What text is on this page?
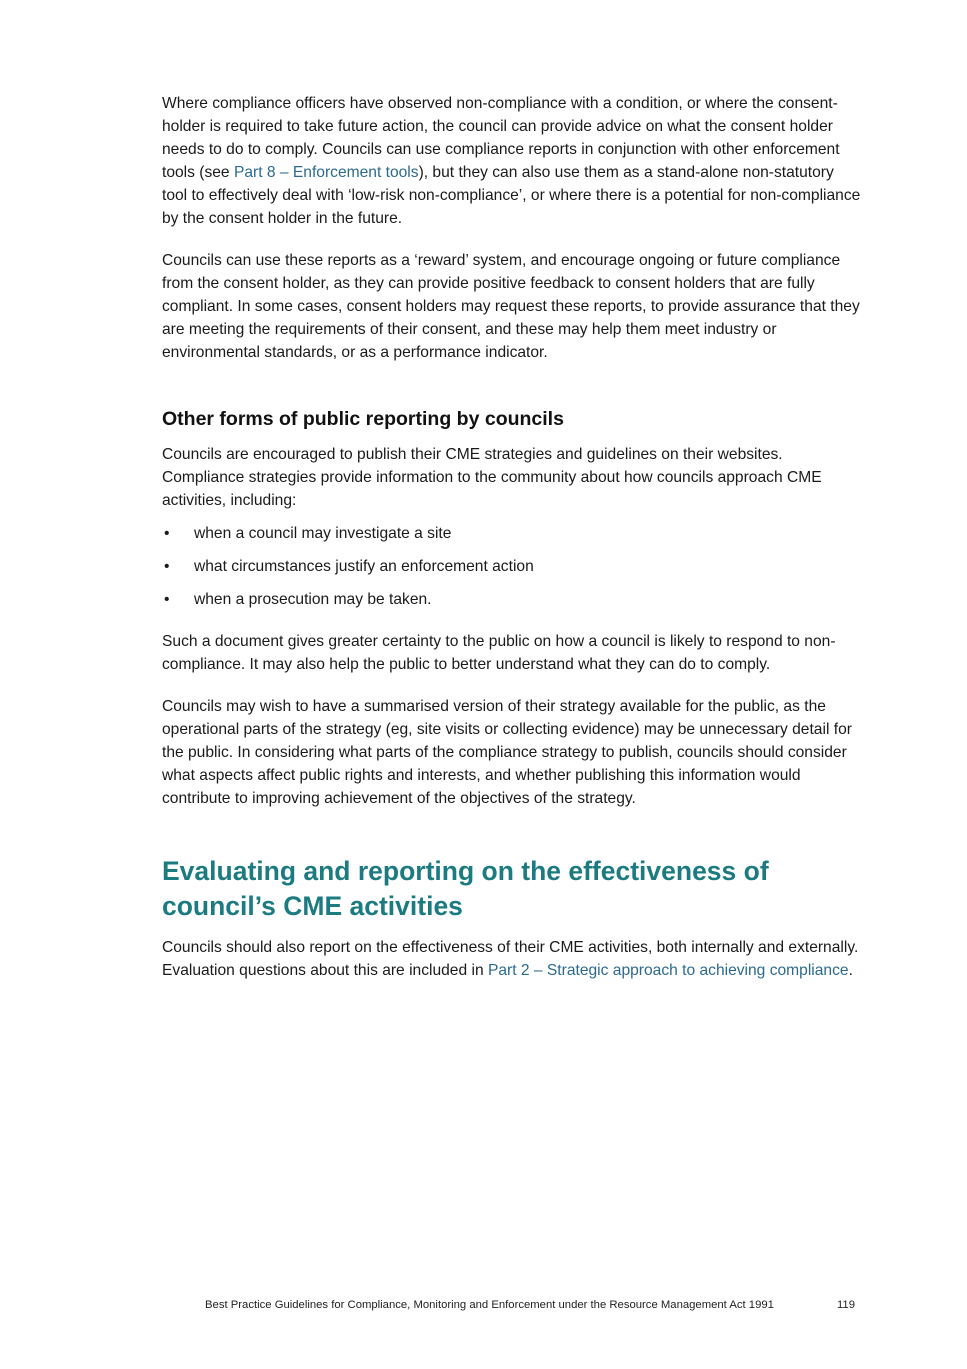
Where compliance officers have observed non-compliance with a condition, or where the consent-holder is required to take future action, the council can provide advice on what the consent holder needs to do to comply. Councils can use compliance reports in conjunction with other enforcement tools (see Part 8 – Enforcement tools), but they can also use them as a stand-alone non-statutory tool to effectively deal with ‘low-risk non-compliance’, or where there is a potential for non-compliance by the consent holder in the future.

Councils can use these reports as a ‘reward’ system, and encourage ongoing or future compliance from the consent holder, as they can provide positive feedback to consent holders that are fully compliant. In some cases, consent holders may request these reports, to provide assurance that they are meeting the requirements of their consent, and these may help them meet industry or environmental standards, or as a performance indicator.

Other forms of public reporting by councils

Councils are encouraged to publish their CME strategies and guidelines on their websites. Compliance strategies provide information to the community about how councils approach CME activities, including:

• when a council may investigate a site
• what circumstances justify an enforcement action
• when a prosecution may be taken.

Such a document gives greater certainty to the public on how a council is likely to respond to non-compliance. It may also help the public to better understand what they can do to comply.

Councils may wish to have a summarised version of their strategy available for the public, as the operational parts of the strategy (eg, site visits or collecting evidence) may be unnecessary detail for the public. In considering what parts of the compliance strategy to publish, councils should consider what aspects affect public rights and interests, and whether publishing this information would contribute to improving achievement of the objectives of the strategy.

Evaluating and reporting on the effectiveness of council’s CME activities

Councils should also report on the effectiveness of their CME activities, both internally and externally. Evaluation questions about this are included in Part 2 – Strategic approach to achieving compliance.

Best Practice Guidelines for Compliance, Monitoring and Enforcement under the Resource Management Act 1991	119
